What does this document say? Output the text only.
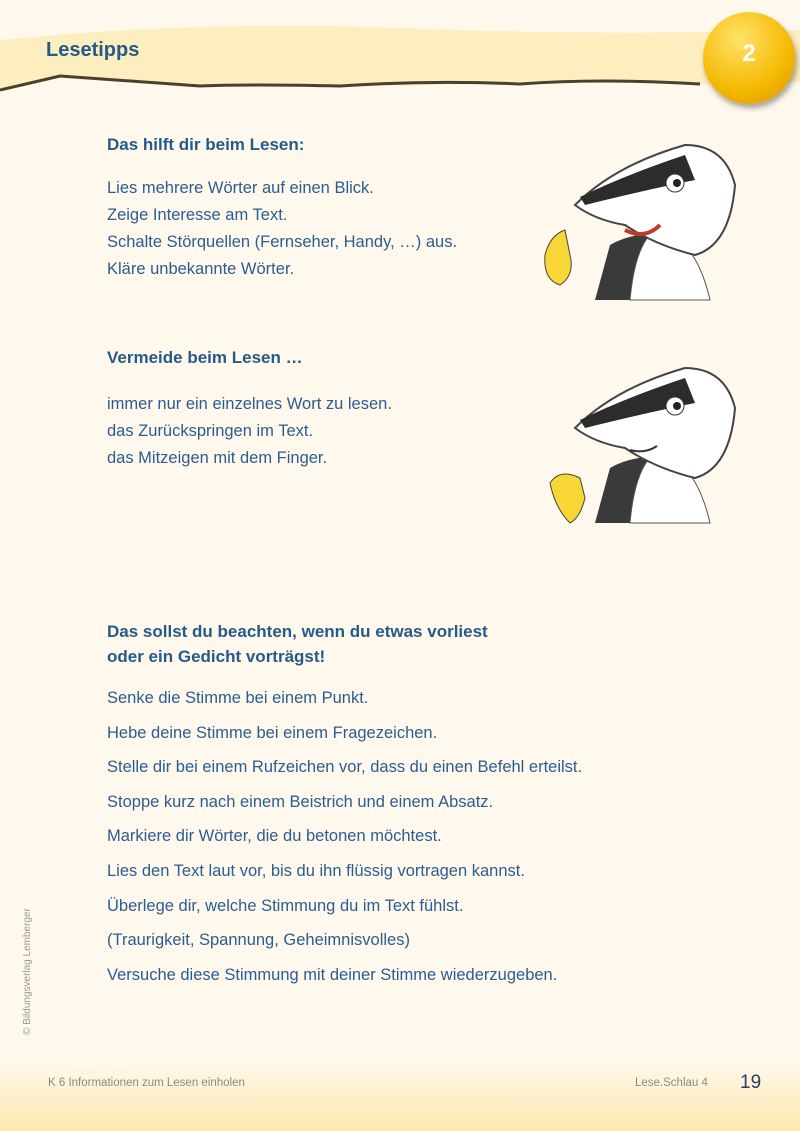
Lesetipps	2
Das hilft dir beim Lesen:
Lies mehrere Wörter auf einen Blick.
Zeige Interesse am Text.
Schalte Störquellen (Fernseher, Handy, …) aus.
Kläre unbekannte Wörter.
Vermeide beim Lesen …
immer nur ein einzelnes Wort zu lesen.
das Zurückspringen im Text.
das Mitzeigen mit dem Finger.
Das sollst du beachten, wenn du etwas vorliest
oder ein Gedicht vorträgst!
Senke die Stimme bei einem Punkt.
Hebe deine Stimme bei einem Fragezeichen.
Stelle dir bei einem Rufzeichen vor, dass du einen Befehl erteilst.
Stoppe kurz nach einem Beistrich und einem Absatz.
Markiere dir Wörter, die du betonen möchtest.
Lies den Text laut vor, bis du ihn flüssig vortragen kannst.
Überlege dir, welche Stimmung du im Text fühlst.
(Traurigkeit, Spannung, Geheimnisvolles)
Versuche diese Stimmung mit deiner Stimme wiederzugeben.
© Bildungsverlag Lemberger
K 6 Informationen zum Lesen einholen	Lese.Schlau 4 19
